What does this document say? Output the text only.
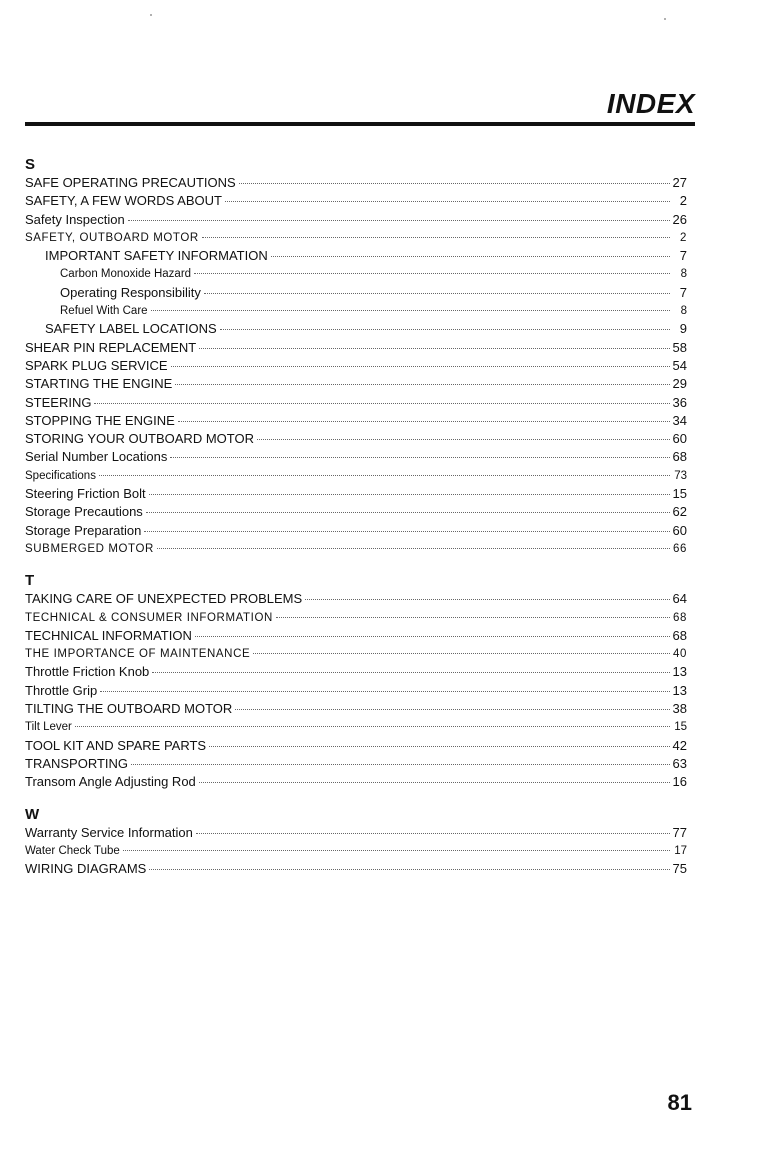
INDEX
S
SAFE OPERATING PRECAUTIONS	27
SAFETY, A FEW WORDS ABOUT	2
Safety Inspection	26
SAFETY, OUTBOARD MOTOR	2
IMPORTANT SAFETY INFORMATION	7
Carbon Monoxide Hazard	8
Operating Responsibility	7
Refuel With Care	8
SAFETY LABEL LOCATIONS	9
SHEAR PIN REPLACEMENT	58
SPARK PLUG SERVICE	54
STARTING THE ENGINE	29
STEERING	36
STOPPING THE ENGINE	34
STORING YOUR OUTBOARD MOTOR	60
Serial Number Locations	68
Specifications	73
Steering Friction Bolt	15
Storage Precautions	62
Storage Preparation	60
SUBMERGED MOTOR	66
T
TAKING CARE OF UNEXPECTED PROBLEMS	64
TECHNICAL & CONSUMER INFORMATION	68
TECHNICAL INFORMATION	68
THE IMPORTANCE OF MAINTENANCE	40
Throttle Friction Knob	13
Throttle Grip	13
TILTING THE OUTBOARD MOTOR	38
Tilt Lever	15
TOOL KIT AND SPARE PARTS	42
TRANSPORTING	63
Transom Angle Adjusting Rod	16
W
Warranty Service Information	77
Water Check Tube	17
WIRING DIAGRAMS	75
81
